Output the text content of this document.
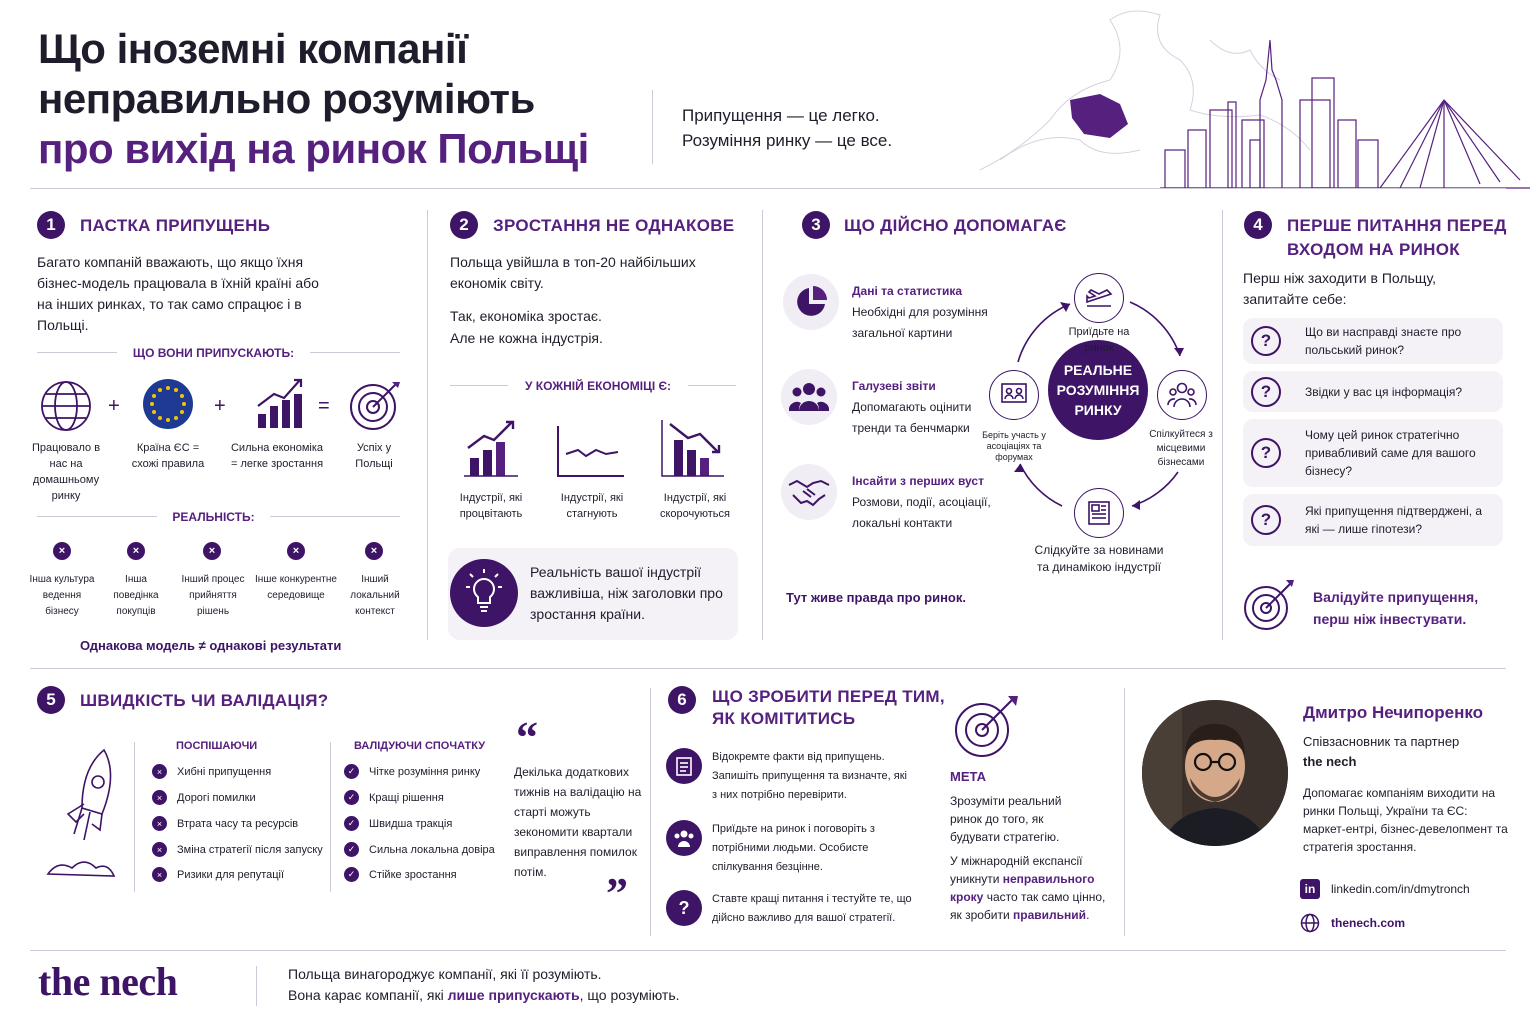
Що іноземні компанії
неправильно розуміють
про вихід на ринок Польщі
Припущення — це легко.
Розуміння ринку — це все.
1	ПАСТКА ПРИПУЩЕНЬ
Багато компаній вважають, що якщо їхня бізнес-модель працювала в їхній країні або на інших ринках, то так само спрацює і в Польщі.
ЩО ВОНИ ПРИПУСКАЮТЬ:
+	+	=
Працювало в нас на домашньому ринку
Країна ЄС = схожі правила
Сильна економіка = легке зростання
Успіх у Польщі
РЕАЛЬНІСТЬ:
×	×	×	×	×
Інша культура ведення бізнесу
Інша поведінка покупців
Інший процес прийняття рішень
Інше конкурентне середовище
Інший локальний контекст
Однакова модель ≠ однакові результати
2	ЗРОСТАННЯ НЕ ОДНАКОВЕ
Польща увійшла в топ-20 найбільших економік світу.
Так, економіка зростає.
Але не кожна індустрія.
У КОЖНІЙ ЕКОНОМІЦІ Є:
Індустрії, які процвітають
Індустрії, які стагнують
Індустрії, які скорочуються
Реальність вашої індустрії важливіша, ніж заголовки про зростання країни.
3	ЩО ДІЙСНО ДОПОМАГАЄ
Дані та статистика
Необхідні для розуміння загальної картини
Галузеві звіти
Допомагають оцінити тренди та бенчмарки
Інсайти з перших вуст
Розмови, події, асоціації, локальні контакти
РЕАЛЬНЕ РОЗУМІННЯ РИНКУ
Приїдьте на ринок
Спілкуйтеся з місцевими бізнесами
Слідкуйте за новинами та динамікою індустрії
Беріть участь у асоціаціях та форумах
Тут живе правда про ринок.
4	ПЕРШЕ ПИТАННЯ ПЕРЕД
ВХОДОМ НА РИНОК
Перш ніж заходити в Польщу, запитайте себе:
?	Що ви насправді знаєте про польський ринок?
?	Звідки у вас ця інформація?
?
Чому цей ринок стратегічно привабливий саме для вашого бізнесу?
?	Які припущення підтверджені, а які — лише гіпотези?
Валідуйте припущення,
перш ніж інвестувати.
5	ШВИДКІСТЬ ЧИ ВАЛІДАЦІЯ?
ПОСПІШАЮЧИ
×	Хибні припущення
×	Дорогі помилки
×	Втрата часу та ресурсів
×	Зміна стратегії після запуску
×	Ризики для репутації
ВАЛІДУЮЧИ СПОЧАТКУ
✓	Чітке розуміння ринку
✓	Кращі рішення
✓	Швидша тракція
✓	Сильна локальна довіра
✓	Стійке зростання
“
Декілька додаткових тижнів на валідацію на старті можуть зекономити квартали виправлення помилок потім.	”
6	ЩО ЗРОБИТИ ПЕРЕД ТИМ,
ЯК КОМІТИТИСЬ
Відокремте факти від припущень. Запишіть припущення та визначте, які з них потрібно перевірити.
Приїдьте на ринок і поговоріть з потрібними людьми. Особисте спілкування безцінне.
? Ставте кращі питання і тестуйте те, що дійсно важливо для вашої стратегії.
МЕТА
Зрозуміти реальний ринок до того, як будувати стратегію.
У міжнародній експансії уникнути неправильного кроку часто так само цінно, як зробити правильний.
Дмитро Нечипоренко
Співзасновник та партнер
the nech
Допомагає компаніям виходити на ринки Польщі, України та ЄС: маркет-ентрі, бізнес-девелопмент та стратегія зростання.
in	linkedin.com/in/dmytronch
thenech.com
the nech	Польща винагороджує компанії, які її розуміють.
Вона карає компанії, які лише припускають, що розуміють.
